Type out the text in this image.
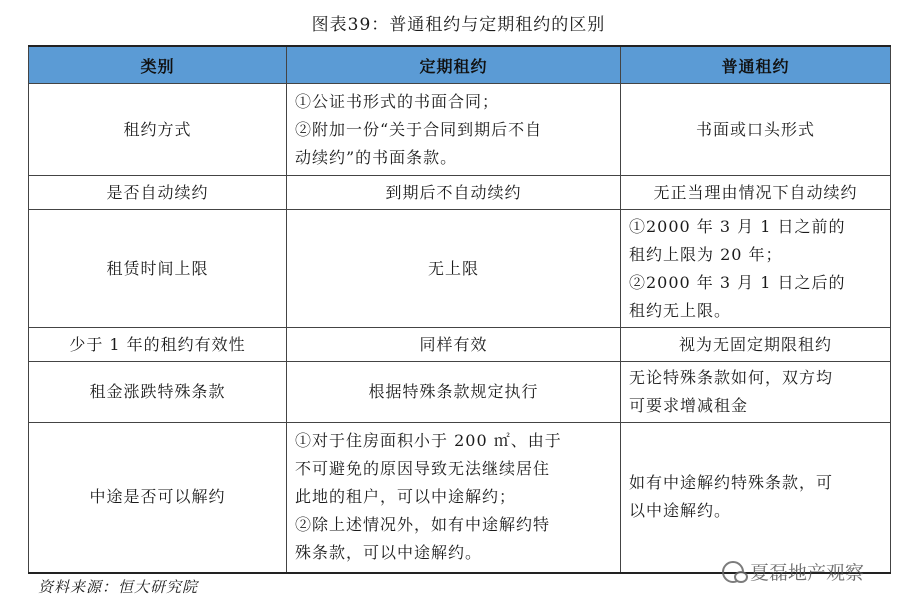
图表39：普通租约与定期租约的区别
类别	定期租约	普通租约
租约方式	①公证书形式的书面合同；
②附加一份“关于合同到期后不自
动续约”的书面条款。	书面或口头形式

是否自动续约	到期后不自动续约	无正当理由情况下自动续约

租赁时间上限	无上限	①2000 年 3 月 1 日之前的
租约上限为 20 年；
②2000 年 3 月 1 日之后的
租约无上限。

少于 1 年的租约有效性	同样有效	视为无固定期限租约

租金涨跌特殊条款	根据特殊条款规定执行	无论特殊条款如何，双方均
可要求增减租金

中途是否可以解约	①对于住房面积小于 200 ㎡、由于
不可避免的原因导致无法继续居住
此地的租户，可以中途解约；
②除上述情况外，如有中途解约特
殊条款，可以中途解约。	如有中途解约特殊条款，可
以中途解约。
资料来源：恒大研究院
夏磊地产观察
